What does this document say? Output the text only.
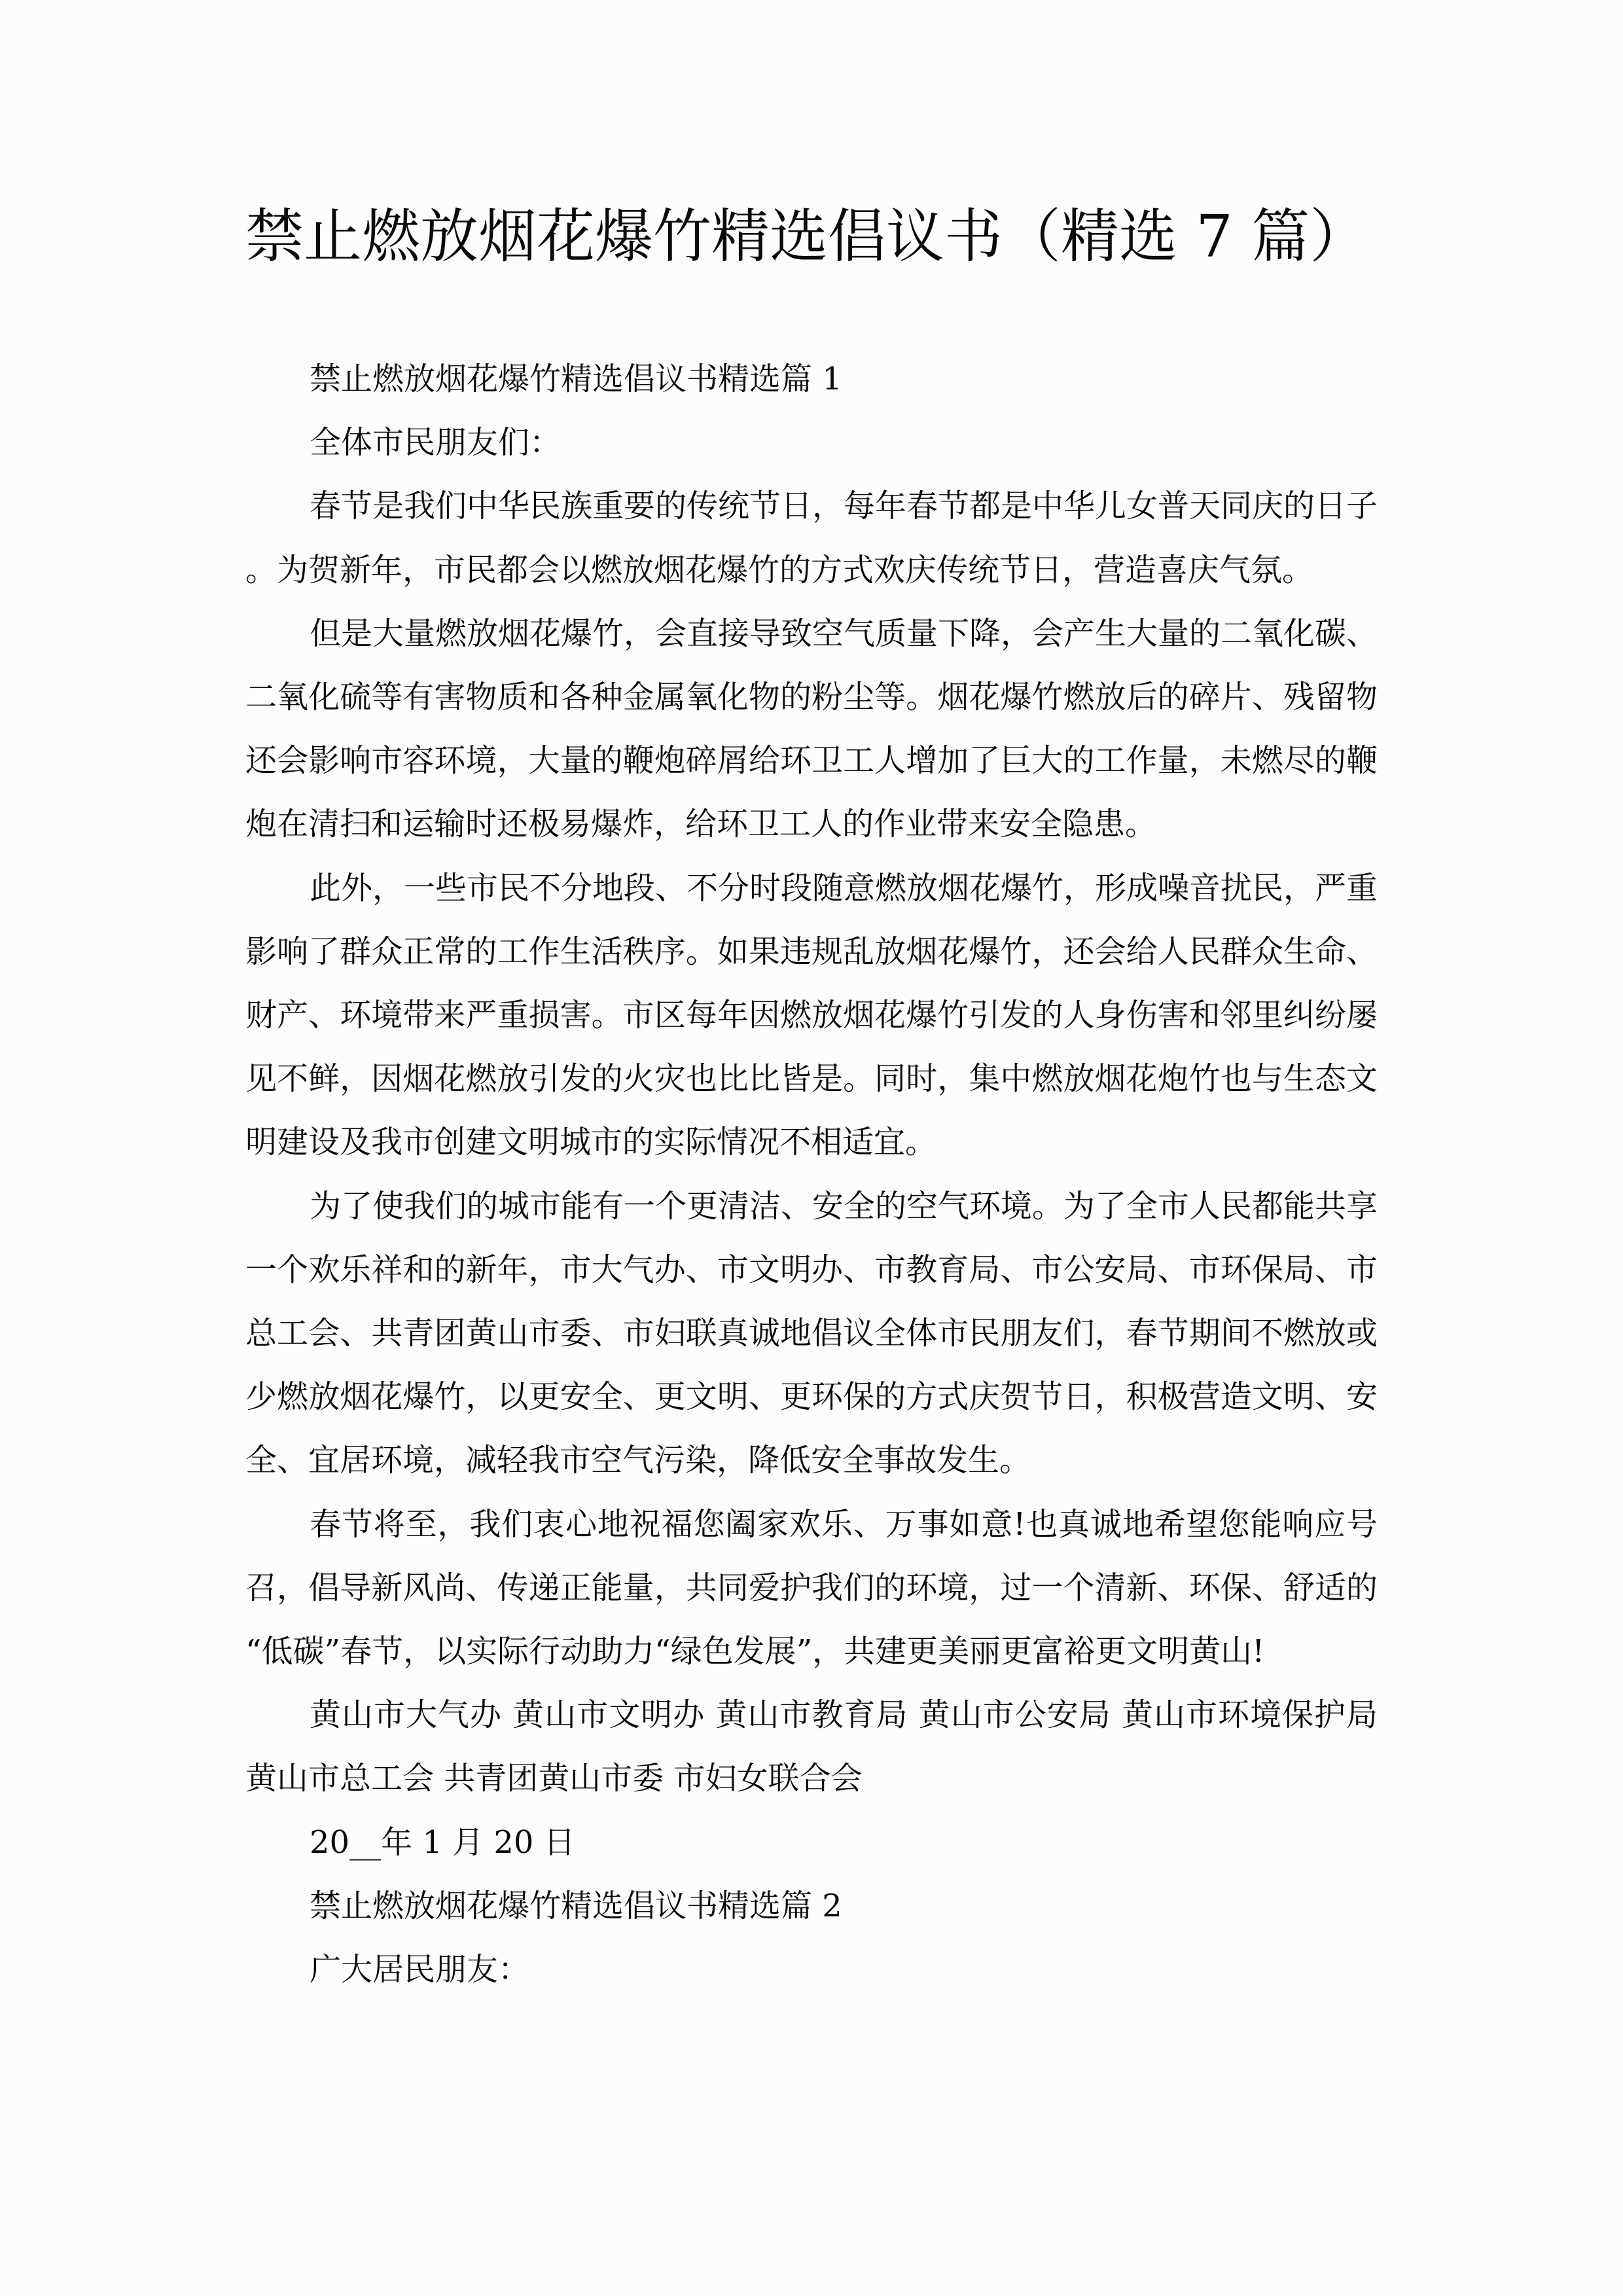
禁止燃放烟花爆竹精选倡议书（精选 7 篇）

禁止燃放烟花爆竹精选倡议书精选篇 1

全体市民朋友们：

春节是我们中华民族重要的传统节日，每年春节都是中华儿女普天同庆的日子。为贺新年，市民都会以燃放烟花爆竹的方式欢庆传统节日，营造喜庆气氛。

但是大量燃放烟花爆竹，会直接导致空气质量下降，会产生大量的二氧化碳、二氧化硫等有害物质和各种金属氧化物的粉尘等。烟花爆竹燃放后的碎片、残留物还会影响市容环境，大量的鞭炮碎屑给环卫工人增加了巨大的工作量，未燃尽的鞭炮在清扫和运输时还极易爆炸，给环卫工人的作业带来安全隐患。

此外，一些市民不分地段、不分时段随意燃放烟花爆竹，形成噪音扰民，严重影响了群众正常的工作生活秩序。如果违规乱放烟花爆竹，还会给人民群众生命、财产、环境带来严重损害。市区每年因燃放烟花爆竹引发的人身伤害和邻里纠纷屡见不鲜，因烟花燃放引发的火灾也比比皆是。同时，集中燃放烟花炮竹也与生态文明建设及我市创建文明城市的实际情况不相适宜。

为了使我们的城市能有一个更清洁、安全的空气环境。为了全市人民都能共享一个欢乐祥和的新年，市大气办、市文明办、市教育局、市公安局、市环保局、市总工会、共青团黄山市委、市妇联真诚地倡议全体市民朋友们，春节期间不燃放或少燃放烟花爆竹，以更安全、更文明、更环保的方式庆贺节日，积极营造文明、安全、宜居环境，减轻我市空气污染，降低安全事故发生。

春节将至，我们衷心地祝福您阖家欢乐、万事如意!也真诚地希望您能响应号召，倡导新风尚、传递正能量，共同爱护我们的环境，过一个清新、环保、舒适的“低碳”春节，以实际行动助力“绿色发展”，共建更美丽更富裕更文明黄山!

黄山市大气办 黄山市文明办 黄山市教育局 黄山市公安局 黄山市环境保护局 黄山市总工会 共青团黄山市委 市妇女联合会

20__年 1 月 20 日

禁止燃放烟花爆竹精选倡议书精选篇 2

广大居民朋友：
